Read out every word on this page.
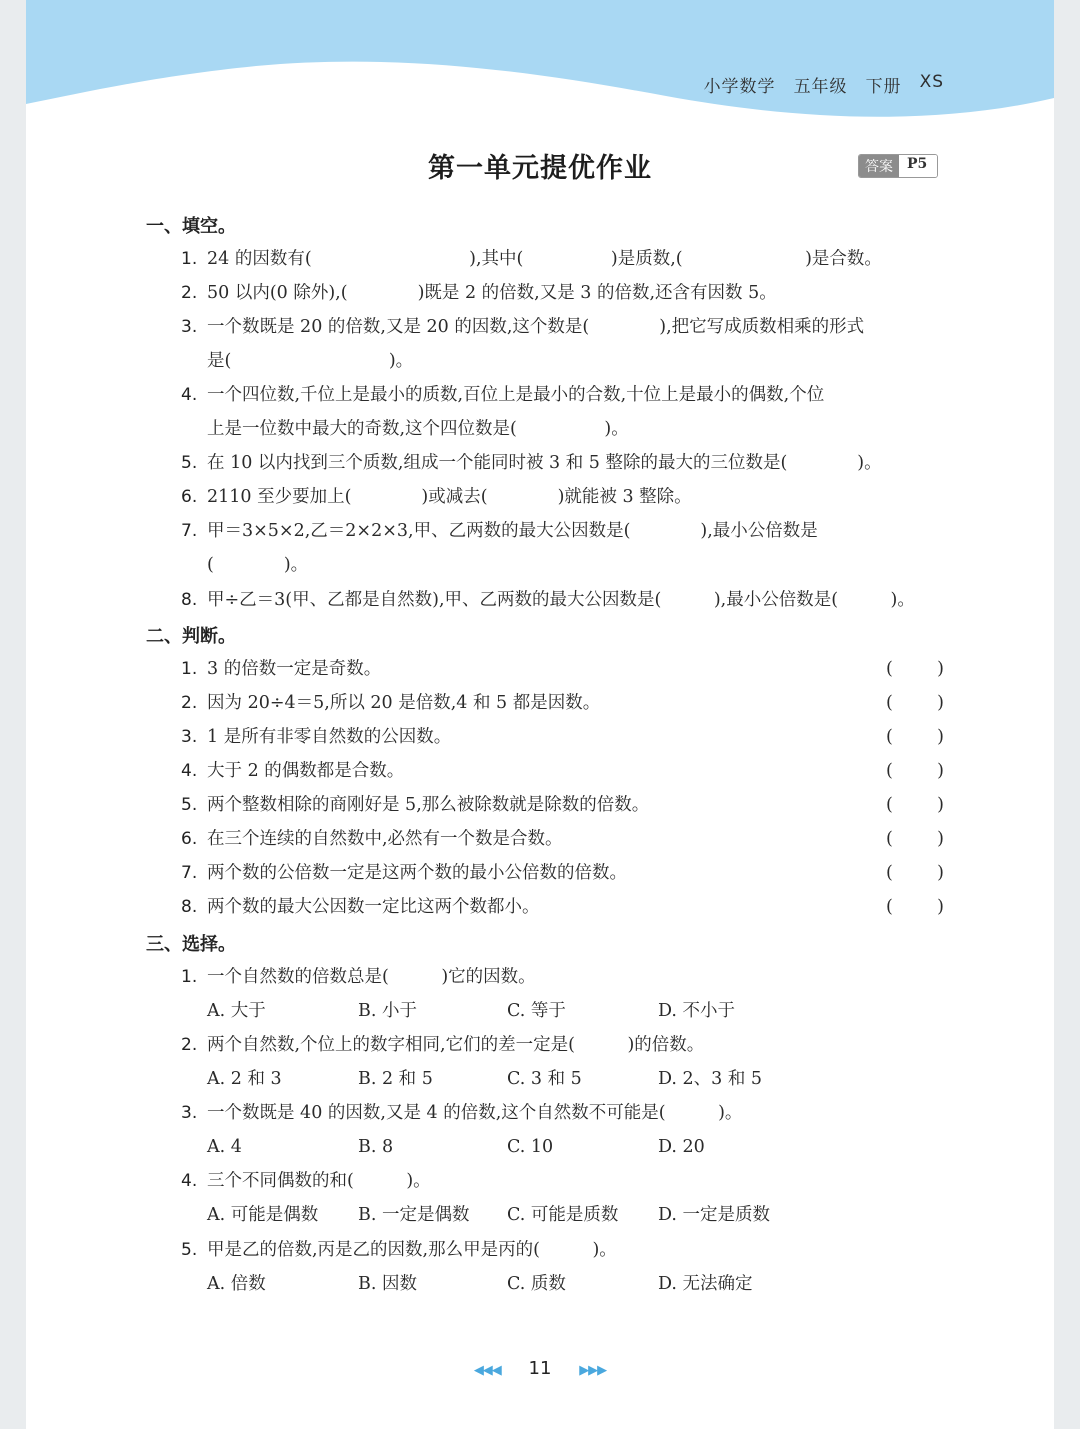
小学数学 五年级 下册 XS
第一单元提优作业	答案	P5
一、填空。
1. 24 的因数有(　　　　　　　　　),其中(　　　　　)是质数,(　　　　　　　)是合数。
2. 50 以内(0 除外),(　　　　)既是 2 的倍数,又是 3 的倍数,还含有因数 5。
3. 一个数既是 20 的倍数,又是 20 的因数,这个数是(　　　　),把它写成质数相乘的形式
是(　　　　　　　　　)。
4. 一个四位数,千位上是最小的质数,百位上是最小的合数,十位上是最小的偶数,个位
上是一位数中最大的奇数,这个四位数是(　　　　　)。
5. 在 10 以内找到三个质数,组成一个能同时被 3 和 5 整除的最大的三位数是(　　　　)。
6. 2110 至少要加上(　　　　)或减去(　　　　)就能被 3 整除。
7. 甲＝3×5×2,乙＝2×2×3,甲、乙两数的最大公因数是(　　　　),最小公倍数是
(　　　　)。
8. 甲÷乙＝3(甲、乙都是自然数),甲、乙两数的最大公因数是(　　　),最小公倍数是(　　　)。
二、判断。
1. 3 的倍数一定是奇数。	(	)
2. 因为 20÷4＝5,所以 20 是倍数,4 和 5 都是因数。	(	)
3. 1 是所有非零自然数的公因数。	(	)
4. 大于 2 的偶数都是合数。	(	)
5. 两个整数相除的商刚好是 5,那么被除数就是除数的倍数。	(	)
6. 在三个连续的自然数中,必然有一个数是合数。	(	)
7. 两个数的公倍数一定是这两个数的最小公倍数的倍数。	(	)
8. 两个数的最大公因数一定比这两个数都小。	(	)
三、选择。
1. 一个自然数的倍数总是(　　　)它的因数。
A. 大于	B. 小于	C. 等于	D. 不小于
2. 两个自然数,个位上的数字相同,它们的差一定是(　　　)的倍数。
A. 2 和 3	B. 2 和 5	C. 3 和 5	D. 2、3 和 5
3. 一个数既是 40 的因数,又是 4 的倍数,这个自然数不可能是(　　　)。
A. 4	B. 8	C. 10	D. 20
4. 三个不同偶数的和(　　　)。
A. 可能是偶数 B. 一定是偶数 C. 可能是质数 D. 一定是质数
5. 甲是乙的倍数,丙是乙的因数,那么甲是丙的(　　　)。
A. 倍数	B. 因数	C. 质数	D. 无法确定
◀◀◀ 11 ▶▶▶
